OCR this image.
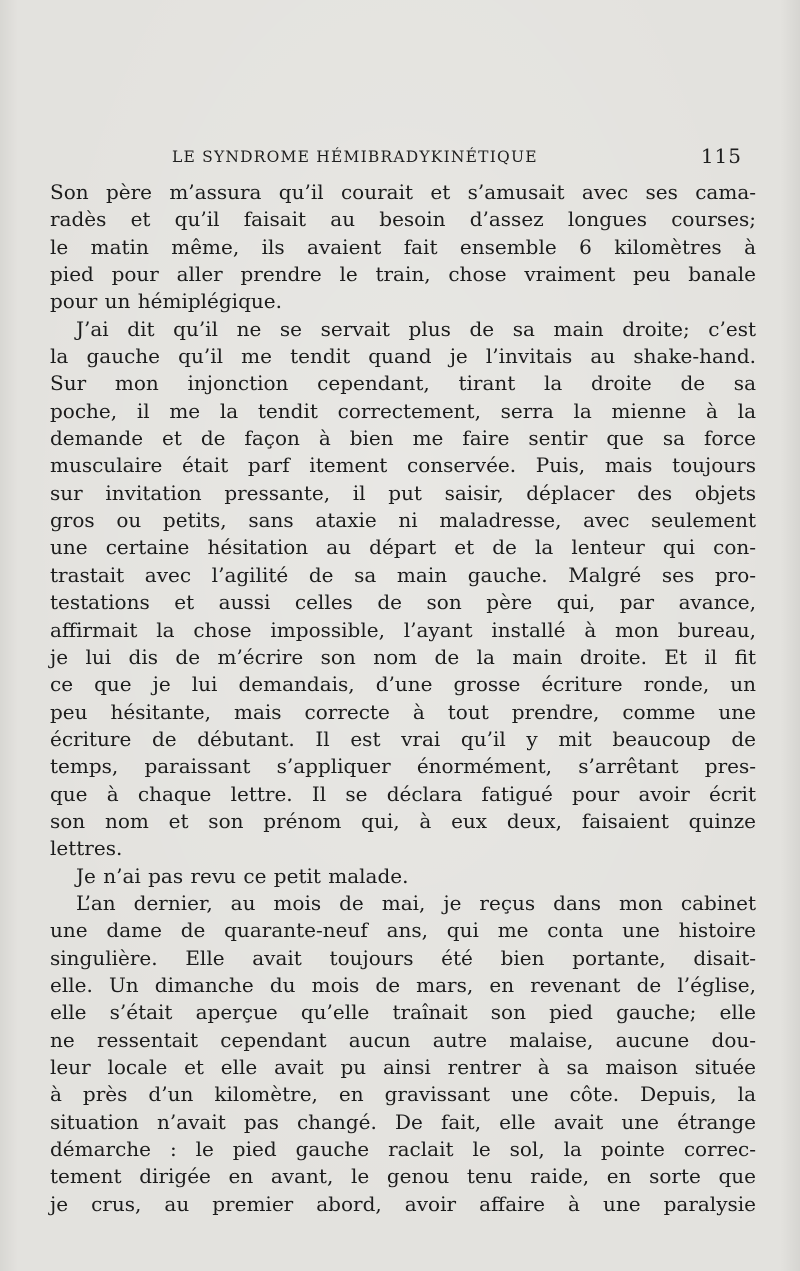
LE SYNDROME HÉMIBRADYKINÉTIQUE	115
Son père m’assura qu’il courait et s’amusait avec ses cama-
radès et qu’il faisait au besoin d’assez longues courses;
le matin même, ils avaient fait ensemble 6 kilomètres à
pied pour aller prendre le train, chose vraiment peu banale
pour un hémiplégique.
J’ai dit qu’il ne se servait plus de sa main droite; c’est
la gauche qu’il me tendit quand je l’invitais au shake-hand.
Sur mon injonction cependant, tirant la droite de sa
poche, il me la tendit correctement, serra la mienne à la
demande et de façon à bien me faire sentir que sa force
musculaire était parf itement conservée. Puis, mais toujours
sur invitation pressante, il put saisir, déplacer des objets
gros ou petits, sans ataxie ni maladresse, avec seulement
une certaine hésitation au départ et de la lenteur qui con-
trastait avec l’agilité de sa main gauche. Malgré ses pro-
testations et aussi celles de son père qui, par avance,
affirmait la chose impossible, l’ayant installé à mon bureau,
je lui dis de m’écrire son nom de la main droite. Et il fit
ce que je lui demandais, d’une grosse écriture ronde, un
peu hésitante, mais correcte à tout prendre, comme une
écriture de débutant. Il est vrai qu’il y mit beaucoup de
temps, paraissant s’appliquer énormément, s’arrêtant pres-
que à chaque lettre. Il se déclara fatigué pour avoir écrit
son nom et son prénom qui, à eux deux, faisaient quinze
lettres.
Je n’ai pas revu ce petit malade.
L’an dernier, au mois de mai, je reçus dans mon cabinet
une dame de quarante-neuf ans, qui me conta une histoire
singulière. Elle avait toujours été bien portante, disait-
elle. Un dimanche du mois de mars, en revenant de l’église,
elle s’était aperçue qu’elle traînait son pied gauche; elle
ne ressentait cependant aucun autre malaise, aucune dou-
leur locale et elle avait pu ainsi rentrer à sa maison située
à près d’un kilomètre, en gravissant une côte. Depuis, la
situation n’avait pas changé. De fait, elle avait une étrange
démarche : le pied gauche raclait le sol, la pointe correc-
tement dirigée en avant, le genou tenu raide, en sorte que
je crus, au premier abord, avoir affaire à une paralysie
